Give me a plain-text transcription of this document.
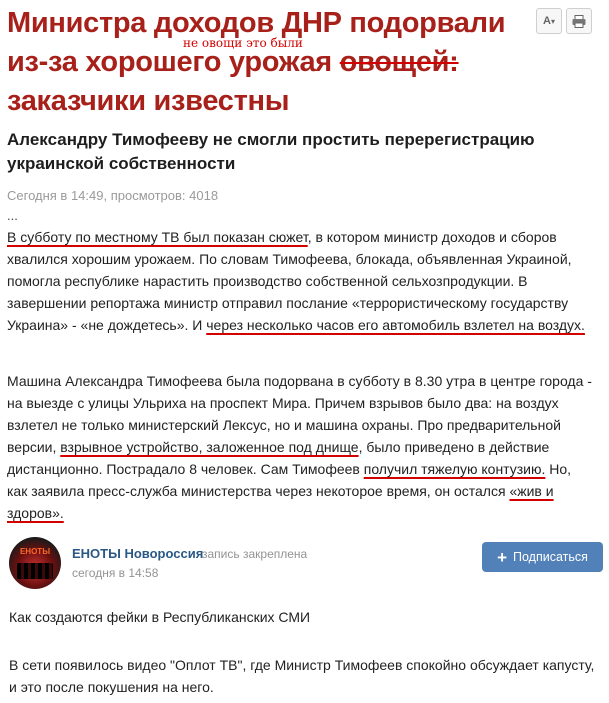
Министра доходов ДНР подорвали из-за хорошего урожая овощей: заказчики известны
не овощи это были
A▾
Александру Тимофееву не смогли простить перерегистрацию украинской собственности
Сегодня в 14:49, просмотров: 4018
...

В субботу по местному ТВ был показан сюжет, в котором министр доходов и сборов хвалился хорошим урожаем. По словам Тимофеева, блокада, объявленная Украиной, помогла республике нарастить производство собственной сельхозпродукции. В завершении репортажа министр отправил послание «террористическому государству Украина» - «не дождетесь». И через несколько часов его автомобиль взлетел на воздух.

Машина Александра Тимофеева была подорвана в субботу в 8.30 утра в центре города - на выезде с улицы Ульриха на проспект Мира. Причем взрывов было два: на воздух взлетел не только министерский Лексус, но и машина охраны. Про предварительной версии, взрывное устройство, заложенное под днище, было приведено в действие дистанционно. Пострадало 8 человек. Сам Тимофеев получил тяжелую контузию. Но, как заявила пресс-служба министерства через некоторое время, он остался «жив и здоров».

ЕНОТЫ	ЕНОТЫ Новороссия
запись закреплена
сегодня в 14:58
+ Подписаться

Как создаются фейки в Республиканских СМИ

В сети появилось видео "Оплот ТВ", где Министр Тимофеев спокойно обсуждает капусту, и это после покушения на него.
